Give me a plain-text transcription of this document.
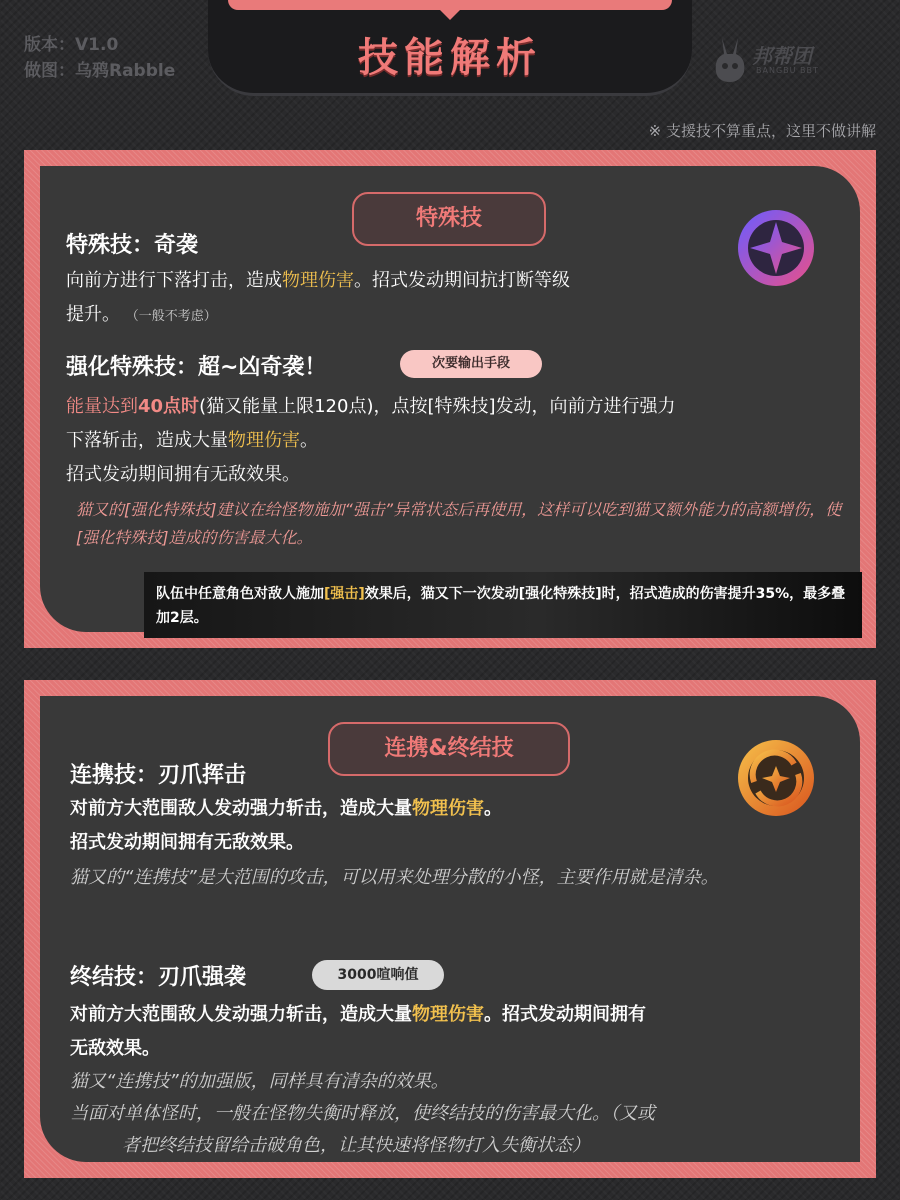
版本：V1.0
做图：乌鸦Rabble	技能解析	邦帮团
BANGBU BBT
※ 支援技不算重点，这里不做讲解
特殊技
特殊技：奇袭
向前方进行下落打击，造成物理伤害。招式发动期间抗打断等级
提升。 （一般不考虑）
强化特殊技：超~凶奇袭！	次要输出手段
能量达到40点时(猫又能量上限120点)，点按[特殊技]发动，向前方进行强力
下落斩击，造成大量物理伤害。
招式发动期间拥有无敌效果。
猫又的[强化特殊技]建议在给怪物施加“强击”异常状态后再使用，这样可以吃到猫又额外能力的高额增伤，使[强化特殊技]造成的伤害最大化。
队伍中任意角色对敌人施加[强击]效果后，猫又下一次发动[强化特殊技]时，招式造成的伤害提升35%，最多叠加2层。
连携&终结技
连携技：刃爪挥击
对前方大范围敌人发动强力斩击，造成大量物理伤害。
招式发动期间拥有无敌效果。
猫又的“连携技”是大范围的攻击，可以用来处理分散的小怪，主要作用就是清杂。
终结技：刃爪强袭	3000喧响值
对前方大范围敌人发动强力斩击，造成大量物理伤害。招式发动期间拥有
无敌效果。
猫又“连携技”的加强版，同样具有清杂的效果。
当面对单体怪时，一般在怪物失衡时释放，使终结技的伤害最大化。（又或
者把终结技留给击破角色，让其快速将怪物打入失衡状态）
